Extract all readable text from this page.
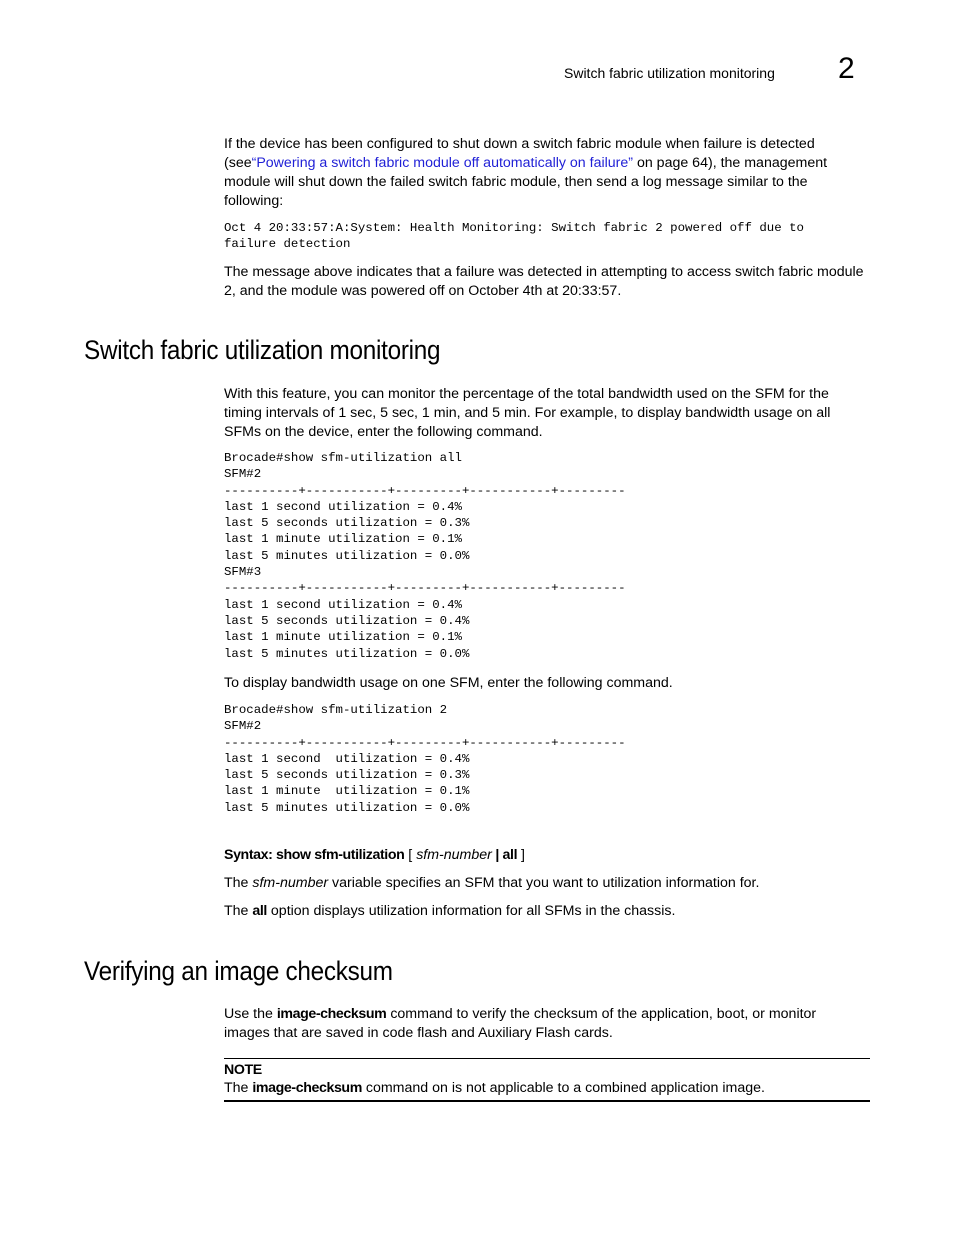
Switch fabric utilization monitoring 2

If the device has been configured to shut down a switch fabric module when failure is detected (see“Powering a switch fabric module off automatically on failure” on page 64), the management module will shut down the failed switch fabric module, then send a log message similar to the following:

Oct 4 20:33:57:A:System: Health Monitoring: Switch fabric 2 powered off due to
failure detection

The message above indicates that a failure was detected in attempting to access switch fabric module 2, and the module was powered off on October 4th at 20:33:57.

Switch fabric utilization monitoring

With this feature, you can monitor the percentage of the total bandwidth used on the SFM for the timing intervals of 1 sec, 5 sec, 1 min, and 5 min. For example, to display bandwidth usage on all SFMs on the device, enter the following command.

Brocade#show sfm-utilization all
SFM#2
----------+-----------+---------+-----------+---------
last 1 second utilization = 0.4%
last 5 seconds utilization = 0.3%
last 1 minute utilization = 0.1%
last 5 minutes utilization = 0.0%
SFM#3
----------+-----------+---------+-----------+---------
last 1 second utilization = 0.4%
last 5 seconds utilization = 0.4%
last 1 minute utilization = 0.1%
last 5 minutes utilization = 0.0%

To display bandwidth usage on one SFM, enter the following command.

Brocade#show sfm-utilization 2
SFM#2
----------+-----------+---------+-----------+---------
last 1 second  utilization = 0.4%
last 5 seconds utilization = 0.3%
last 1 minute  utilization = 0.1%
last 5 minutes utilization = 0.0%

Syntax: show sfm-utilization [ sfm-number | all ]

The sfm-number variable specifies an SFM that you want to utilization information for.

The all option displays utilization information for all SFMs in the chassis.

Verifying an image checksum

Use the image-checksum command to verify the checksum of the application, boot, or monitor images that are saved in code flash and Auxiliary Flash cards.

NOTE

The image-checksum command on is not applicable to a combined application image.
